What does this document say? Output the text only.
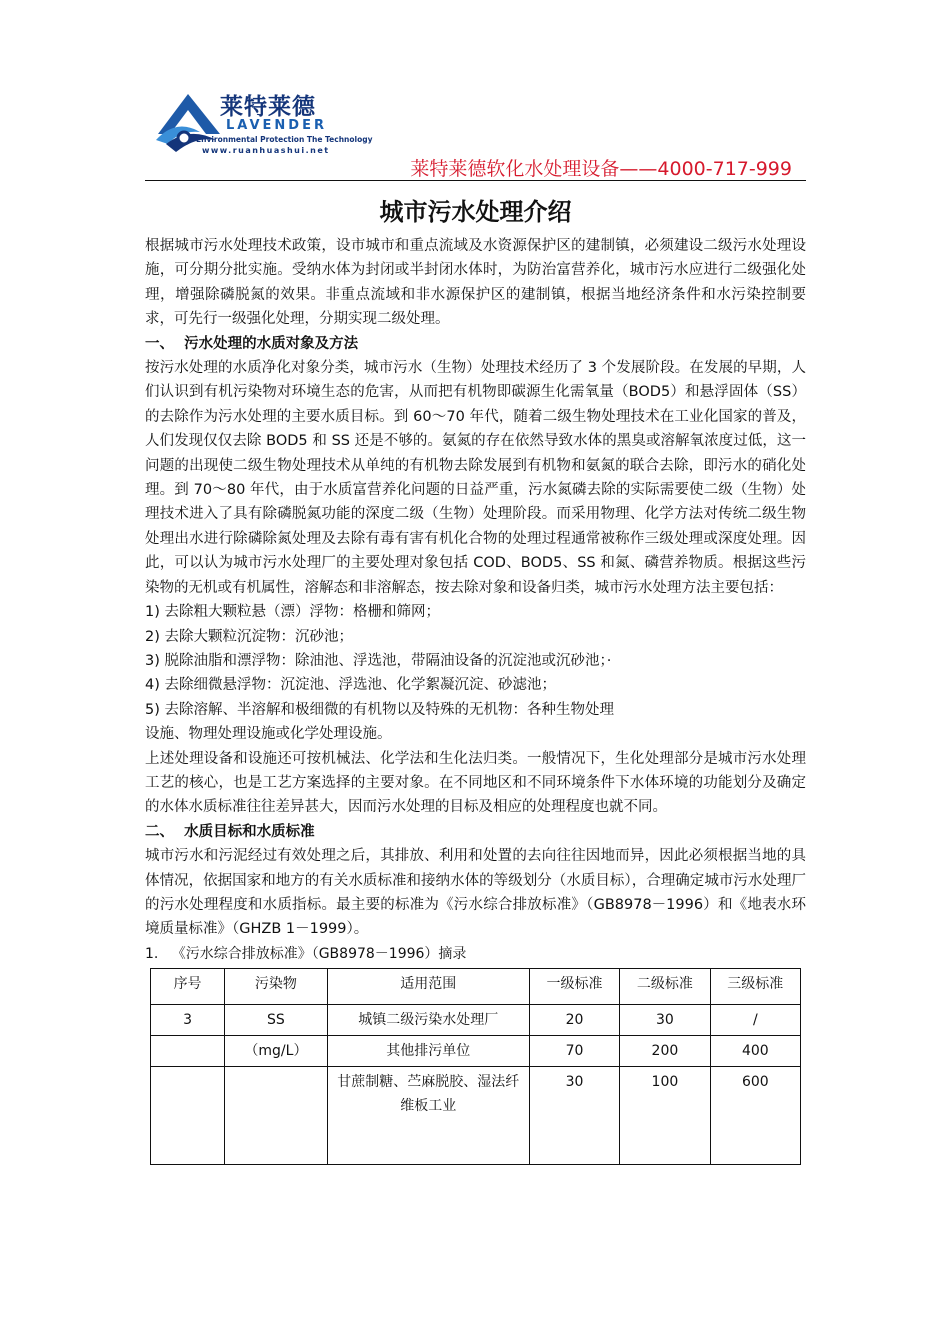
莱特莱德
LAVENDER
Environmental Protection The Technology
www.ruanhuashui.net
莱特莱德软化水处理设备——4000-717-999
城市污水处理介绍

根据城市污水处理技术政策，设市城市和重点流域及水资源保护区的建制镇，必须建设二级污水处理设施，可分期分批实施。受纳水体为封闭或半封闭水体时，为防治富营养化，城市污水应进行二级强化处理，增强除磷脱氮的效果。非重点流域和非水源保护区的建制镇，根据当地经济条件和水污染控制要求，可先行一级强化处理，分期实现二级处理。

一、  污水处理的水质对象及方法

按污水处理的水质净化对象分类，城市污水（生物）处理技术经历了 3 个发展阶段。在发展的早期，人们认识到有机污染物对环境生态的危害，从而把有机物即碳源生化需氧量（BOD5）和悬浮固体（SS）的去除作为污水处理的主要水质目标。到 60～70 年代，随着二级生物处理技术在工业化国家的普及，人们发现仅仅去除 BOD5 和 SS 还是不够的。氨氮的存在依然导致水体的黑臭或溶解氧浓度过低，这一问题的出现使二级生物处理技术从单纯的有机物去除发展到有机物和氨氮的联合去除，即污水的硝化处理。到 70～80 年代，由于水质富营养化问题的日益严重，污水氮磷去除的实际需要使二级（生物）处理技术进入了具有除磷脱氮功能的深度二级（生物）处理阶段。而采用物理、化学方法对传统二级生物处理出水进行除磷除氮处理及去除有毒有害有机化合物的处理过程通常被称作三级处理或深度处理。因此，可以认为城市污水处理厂的主要处理对象包括 COD、BOD5、SS 和氮、磷营养物质。根据这些污染物的无机或有机属性，溶解态和非溶解态，按去除对象和设备归类，城市污水处理方法主要包括：

1) 去除粗大颗粒悬（漂）浮物：格栅和筛网；

2) 去除大颗粒沉淀物：沉砂池；

3) 脱除油脂和漂浮物：除油池、浮选池，带隔油设备的沉淀池或沉砂池；·

4) 去除细微悬浮物：沉淀池、浮选池、化学絮凝沉淀、砂滤池；

5) 去除溶解、半溶解和极细微的有机物以及特殊的无机物：各种生物处理

设施、物理处理设施或化学处理设施。

上述处理设备和设施还可按机械法、化学法和生化法归类。一般情况下，生化处理部分是城市污水处理工艺的核心，也是工艺方案选择的主要对象。在不同地区和不同环境条件下水体环境的功能划分及确定的水体水质标准往往差异甚大，因而污水处理的目标及相应的处理程度也就不同。

二、  水质目标和水质标准

城市污水和污泥经过有效处理之后，其排放、利用和处置的去向往往因地而异，因此必须根据当地的具体情况，依据国家和地方的有关水质标准和接纳水体的等级划分（水质目标），合理确定城市污水处理厂的污水处理程度和水质指标。最主要的标准为《污水综合排放标准》（GB8978－1996）和《地表水环境质量标准》（GHZB 1－1999）。

1.   《污水综合排放标准》（GB8978－1996）摘录

序号	污染物	适用范围	一级标准	二级标准	三级标准
3	SS	城镇二级污染水处理厂	20	30	/
	（mg/L）	其他排污单位	70	200	400
		甘蔗制糖、苎麻脱胶、湿法纤维板工业	30	100	600
